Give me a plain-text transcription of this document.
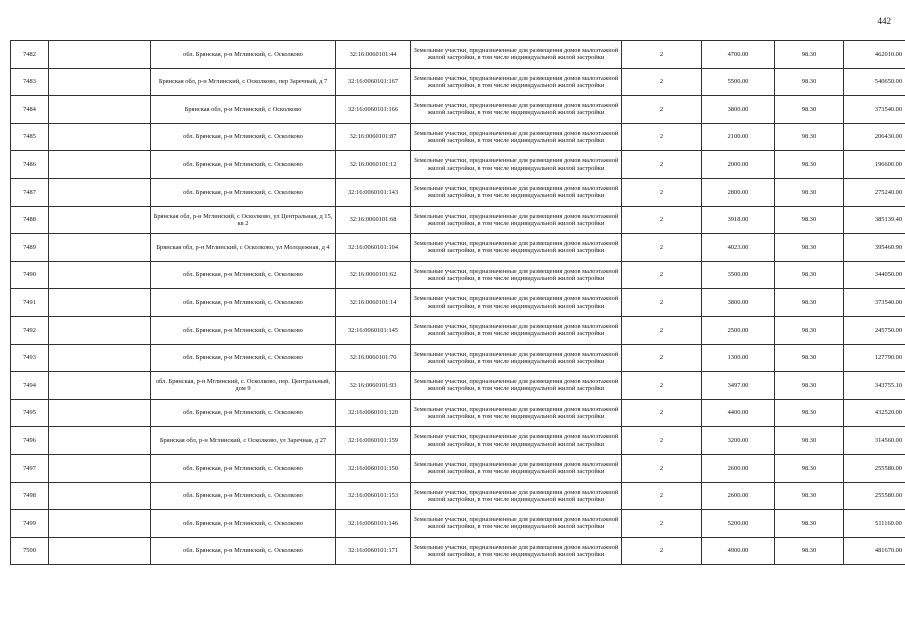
442
7482		обл. Брянская, р-н Мглинский, с. Осколково	32:16:0060101:44	Земельные участки, предназначенные для размещения домов малоэтажной жилой застройки, в том числе индивидуальной жилой застройки	2	4700.00	98.30	462010.00
7483		Брянская обл, р-н Мглинский, с Осколково, пер Заречный, д 7	32:16:0060101:167	Земельные участки, предназначенные для размещения домов малоэтажной жилой застройки, в том числе индивидуальной жилой застройки	2	5500.00	98.30	540650.00
7484		Брянская обл, р-н Мглинский, с Осколково	32:16:0060101:166	Земельные участки, предназначенные для размещения домов малоэтажной жилой застройки, в том числе индивидуальной жилой застройки	2	3800.00	98.30	373540.00
7485		обл. Брянская, р-н Мглинский, с. Осколково	32:16:0060101:87	Земельные участки, предназначенные для размещения домов малоэтажной жилой застройки, в том числе индивидуальной жилой застройки	2	2100.00	98.30	206430.00
7486		обл. Брянская, р-н Мглинский, с. Осколково	32:16:0060101:12	Земельные участки, предназначенные для размещения домов малоэтажной жилой застройки, в том числе индивидуальной жилой застройки	2	2000.00	98.30	196600.00
7487		обл. Брянская, р-н Мглинский, с. Осколково	32:16:0060101:143	Земельные участки, предназначенные для размещения домов малоэтажной жилой застройки, в том числе индивидуальной жилой застройки	2	2800.00	98.30	275240.00
7488		Брянская обл, р-н Мглинский, с Осколково, ул Центральная, д 15, кв 2	32:16:0060101:68	Земельные участки, предназначенные для размещения домов малоэтажной жилой застройки, в том числе индивидуальной жилой застройки	2	3918.00	98.30	385139.40
7489		Брянская обл, р-н Мглинский, с Осколково, ул Молодежная, д 4	32:16:0060101:104	Земельные участки, предназначенные для размещения домов малоэтажной жилой застройки, в том числе индивидуальной жилой застройки	2	4023.00	98.30	395460.90
7490		обл. Брянская, р-н Мглинский, с. Осколково	32:16:0060101:62	Земельные участки, предназначенные для размещения домов малоэтажной жилой застройки, в том числе индивидуальной жилой застройки	2	3500.00	98.30	344050.00
7491		обл. Брянская, р-н Мглинский, с. Осколково	32:16:0060101:14	Земельные участки, предназначенные для размещения домов малоэтажной жилой застройки, в том числе индивидуальной жилой застройки	2	3800.00	98.30	373540.00
7492		обл. Брянская, р-н Мглинский, с. Осколково	32:16:0060101:145	Земельные участки, предназначенные для размещения домов малоэтажной жилой застройки, в том числе индивидуальной жилой застройки	2	2500.00	98.30	245750.00
7493		обл. Брянская, р-н Мглинский, с. Осколково	32:16:0060101:70	Земельные участки, предназначенные для размещения домов малоэтажной жилой застройки, в том числе индивидуальной жилой застройки	2	1300.00	98.30	127790.00
7494		обл. Брянская, р-н Мглинский, с. Осколково, пер. Центральный, дом 9	32:16:0060101:93	Земельные участки, предназначенные для размещения домов малоэтажной жилой застройки, в том числе индивидуальной жилой застройки	2	3497.00	98.30	343755.10
7495		обл. Брянская, р-н Мглинский, с. Осколково	32:16:0060101:120	Земельные участки, предназначенные для размещения домов малоэтажной жилой застройки, в том числе индивидуальной жилой застройки	2	4400.00	98.30	432520.00
7496		Брянская обл, р-н Мглинский, с Осколково, ул Заречная, д 27	32:16:0060101:159	Земельные участки, предназначенные для размещения домов малоэтажной жилой застройки, в том числе индивидуальной жилой застройки	2	3200.00	98.30	314560.00
7497		обл. Брянская, р-н Мглинский, с. Осколково	32:16:0060101:150	Земельные участки, предназначенные для размещения домов малоэтажной жилой застройки, в том числе индивидуальной жилой застройки	2	2600.00	98.30	255580.00
7498		обл. Брянская, р-н Мглинский, с. Осколково	32:16:0060101:153	Земельные участки, предназначенные для размещения домов малоэтажной жилой застройки, в том числе индивидуальной жилой застройки	2	2600.00	98.30	255580.00
7499		обл. Брянская, р-н Мглинский, с. Осколково	32:16:0060101:146	Земельные участки, предназначенные для размещения домов малоэтажной жилой застройки, в том числе индивидуальной жилой застройки	2	5200.00	98.30	511160.00
7500		обл. Брянская, р-н Мглинский, с. Осколково	32:16:0060101:171	Земельные участки, предназначенные для размещения домов малоэтажной жилой застройки, в том числе индивидуальной жилой застройки	2	4900.00	98.30	481670.00
